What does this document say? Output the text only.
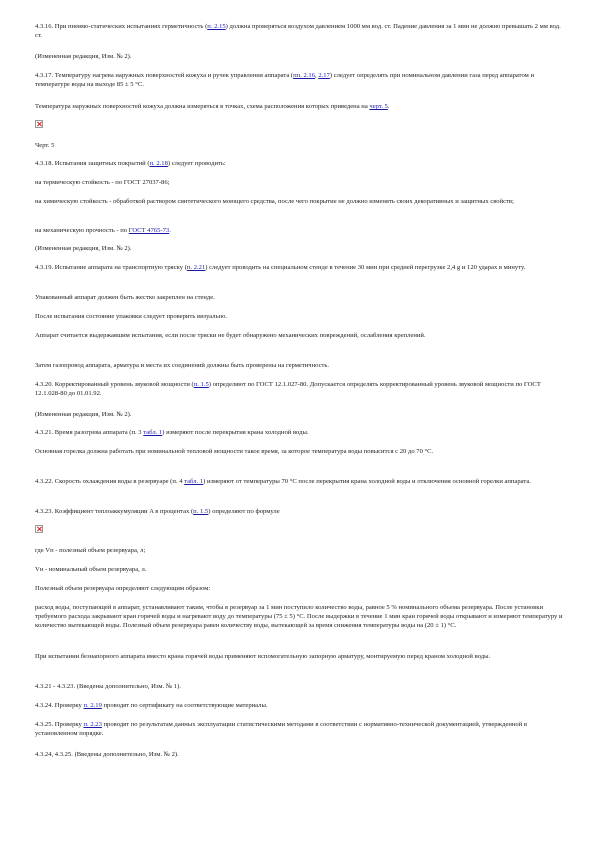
4.3.16. При пневмо-статических испытаниях герметичность (п. 2.15) должна проверяться воздухом давлением 1000 мм вод. ст. Падение давления за 1 мин не должно превышать 2 мм вод. ст.

(Измененная редакция, Изм. № 2).

4.3.17. Температуру нагрева наружных поверхностей кожуха и ручек управления аппарата (пп. 2.16, 2.17) следует определять при номинальном давлении газа перед аппаратом и температуре воды на выходе 85 ± 5 °С.

Температура наружных поверхностей кожуха должна измеряться в точках, схема расположения которых приведена на черт. 5.

Черт. 5

4.3.18. Испытания защитных покрытий (п. 2.18) следует проводить:

на термическую стойкость - по ГОСТ 27037-86;

на химическую стойкость - обработкой раствором синтетического моющего средства, после чего покрытие не должно изменять своих декоративных и защитных свойств;

на механическую прочность - по ГОСТ 4765-73.

(Измененная редакция, Изм. № 2).

4.3.19. Испытание аппарата на транспортную тряску (п. 2.21) следует проводить на специальном стенде в течение 30 мин при средней перегрузке 2,4 g и 120 ударах в минуту.

Упакованный аппарат должен быть жестко закреплен на стенде.

После испытания состояние упаковки следует проверить визуально.

Аппарат считается выдержавшим испытания, если после тряски не будет обнаружено механических повреждений, ослабления креплений.

Затем газопровод аппарата, арматура и места их соединений должны быть проверены на герметичность.

4.3.20. Корректированный уровень звуковой мощности (п. 1.5) определяют по ГОСТ 12.1.027-80. Допускается определять корректированный уровень звуковой мощности по ГОСТ 12.1.028-80 до 01.01.92.

(Измененная редакция, Изм. № 2).

4.3.21. Время разогрева аппарата (п. 3 табл. 1) измеряют после перекрытия крана холодной воды.

Основная горелка должна работать при номинальной тепловой мощности такое время, за которое температура воды повысится с 20 до 70 °С.

4.3.22. Скорость охлаждения воды в резервуаре (п. 4 табл. 1) измеряют от температуры 70 °С после перекрытия крана холодной воды и отключения основной горелки аппарата.

4.3.23. Коэффициент теплоаккумуляции A в процентах (п. 1.5) определяют по формуле

где Vп - полезный объем резервуара, л;

Vн - номинальный объем резервуара, л.

Полезный объем резервуара определяют следующим образом:

расход воды, поступающей в аппарат, устанавливают таким, чтобы в резервуар за 1 мин поступило количество воды, равное 5 % номинального объема резервуара. После установки требуемого расхода закрывают кран горячей воды и нагревают воду до температуры (75 ± 5) °С. После выдержки в течение 1 мин кран горячей воды открывают и измеряют температуру и количество вытекающей воды. Полезный объем резервуара равен количеству воды, вытекающей за время снижения температуры воды на (20 ± 1) °С.

При испытании безнапорного аппарата вместо крана горячей воды применяют вспомогательную запорную арматуру, монтируемую перед краном холодной воды.

4.3.21 - 4.3.23. (Введены дополнительно, Изм. № 1).

4.3.24. Проверку п. 2.19 проводят по сертификату на соответствующие материалы.

4.3.25. Проверку п. 2.23 проводят по результатам данных эксплуатации статистическими методами в соответствии с нормативно-технической документацией, утвержденной в установленном порядке.

4.3.24, 4.3.25. (Введены дополнительно, Изм. № 2).
